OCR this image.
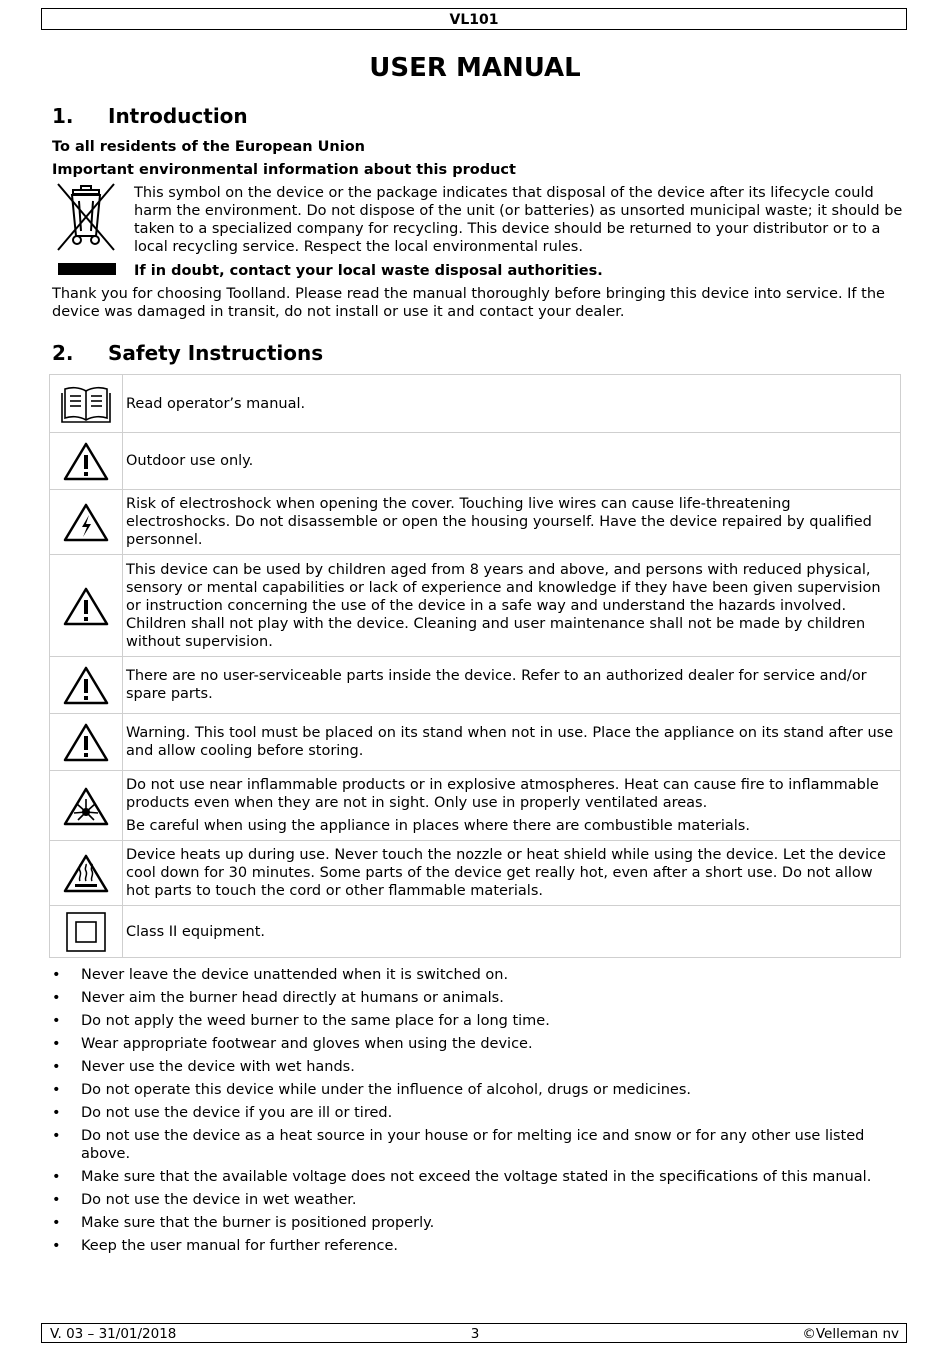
VL101
USER MANUAL
1. Introduction
To all residents of the European Union
Important environmental information about this product
This symbol on the device or the package indicates that disposal of the device after its lifecycle could harm the environment. Do not dispose of the unit (or batteries) as unsorted municipal waste; it should be taken to a specialized company for recycling. This device should be returned to your distributor or to a local recycling service. Respect the local environmental rules.
If in doubt, contact your local waste disposal authorities.
Thank you for choosing Toolland. Please read the manual thoroughly before bringing this device into service. If the device was damaged in transit, do not install or use it and contact your dealer.
2. Safety Instructions

Read operator’s manual.

Outdoor use only.

Risk of electroshock when opening the cover. Touching live wires can cause life-threatening electroshocks. Do not disassemble or open the housing yourself. Have the device repaired by qualified personnel.

This device can be used by children aged from 8 years and above, and persons with reduced physical, sensory or mental capabilities or lack of experience and knowledge if they have been given supervision or instruction concerning the use of the device in a safe way and understand the hazards involved. Children shall not play with the device. Cleaning and user maintenance shall not be made by children without supervision.

There are no user-serviceable parts inside the device. Refer to an authorized dealer for service and/or spare parts.

Warning. This tool must be placed on its stand when not in use. Place the appliance on its stand after use and allow cooling before storing.

Do not use near inflammable products or in explosive atmospheres. Heat can cause fire to inflammable products even when they are not in sight. Only use in properly ventilated areas.

Be careful when using the appliance in places where there are combustible materials.

Device heats up during use. Never touch the nozzle or heat shield while using the device. Let the device cool down for 30 minutes. Some parts of the device get really hot, even after a short use. Do not allow hot parts to touch the cord or other flammable materials.

Class II equipment.

• Never leave the device unattended when it is switched on.
• Never aim the burner head directly at humans or animals.
• Do not apply the weed burner to the same place for a long time.
• Wear appropriate footwear and gloves when using the device.
• Never use the device with wet hands.
• Do not operate this device while under the influence of alcohol, drugs or medicines.
• Do not use the device if you are ill or tired.
• Do not use the device as a heat source in your house or for melting ice and snow or for any other use listed above.
• Make sure that the available voltage does not exceed the voltage stated in the specifications of this manual.
• Do not use the device in wet weather.
• Make sure that the burner is positioned properly.
• Keep the user manual for further reference.
V. 03 – 31/01/2018	3	©Velleman nv
